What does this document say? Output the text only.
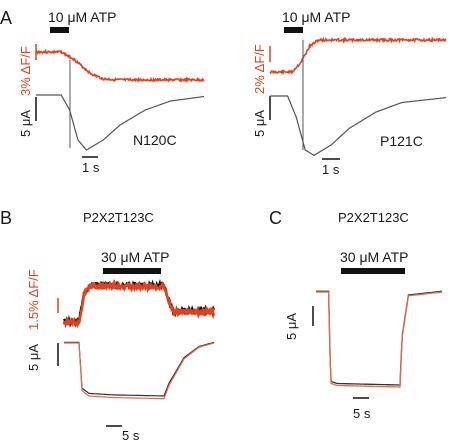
A	10 μM ATP
3% ΔF/F
5 μA
N120C
1 s
10 μM ATP
2% ΔF/F
5 μA
P121C
1 s
B	P2X2T123C
30 μM ATP
1.5% ΔF/F
5 μA
5 s
C	P2X2T123C
30 μM ATP
5 μA
5 s
